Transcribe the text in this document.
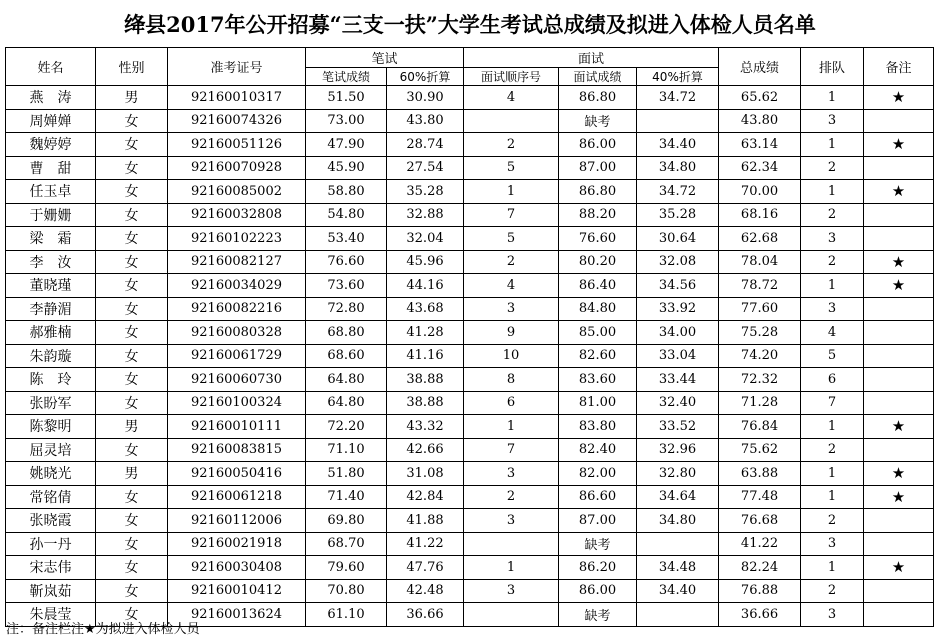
绛县2017年公开招募“三支一扶”大学生考试总成绩及拟进入体检人员名单
姓名	性别	准考证号	笔试		面试			总成绩	排队	备注
			笔试成绩	60%折算	面试顺序号	面试成绩	40%折算			
燕　涛	男	92160010317	51.50	30.90	4	86.80	34.72	65.62	1	★
周婵婵	女	92160074326	73.00	43.80		缺考		43.80	3	
魏婷婷	女	92160051126	47.90	28.74	2	86.00	34.40	63.14	1	★
曹　甜	女	92160070928	45.90	27.54	5	87.00	34.80	62.34	2	
任玉卓	女	92160085002	58.80	35.28	1	86.80	34.72	70.00	1	★
于姗姗	女	92160032808	54.80	32.88	7	88.20	35.28	68.16	2	
梁　霜	女	92160102223	53.40	32.04	5	76.60	30.64	62.68	3	
李　汝	女	92160082127	76.60	45.96	2	80.20	32.08	78.04	2	★
董晓瑾	女	92160034029	73.60	44.16	4	86.40	34.56	78.72	1	★
李静湄	女	92160082216	72.80	43.68	3	84.80	33.92	77.60	3	
郝雅楠	女	92160080328	68.80	41.28	9	85.00	34.00	75.28	4	
朱韵璇	女	92160061729	68.60	41.16	10	82.60	33.04	74.20	5	
陈　玲	女	92160060730	64.80	38.88	8	83.60	33.44	72.32	6	
张盼军	女	92160100324	64.80	38.88	6	81.00	32.40	71.28	7	
陈黎明	男	92160010111	72.20	43.32	1	83.80	33.52	76.84	1	★
屈灵培	女	92160083815	71.10	42.66	7	82.40	32.96	75.62	2	
姚晓光	男	92160050416	51.80	31.08	3	82.00	32.80	63.88	1	★
常铭倩	女	92160061218	71.40	42.84	2	86.60	34.64	77.48	1	★
张晓霞	女	92160112006	69.80	41.88	3	87.00	34.80	76.68	2	
孙一丹	女	92160021918	68.70	41.22		缺考		41.22	3	
宋志伟	女	92160030408	79.60	47.76	1	86.20	34.48	82.24	1	★
靳岚茹	女	92160010412	70.80	42.48	3	86.00	34.40	76.88	2	
朱晨莹	女	92160013624	61.10	36.66		缺考		36.66	3	
注：备注栏注★为拟进入体检人员
